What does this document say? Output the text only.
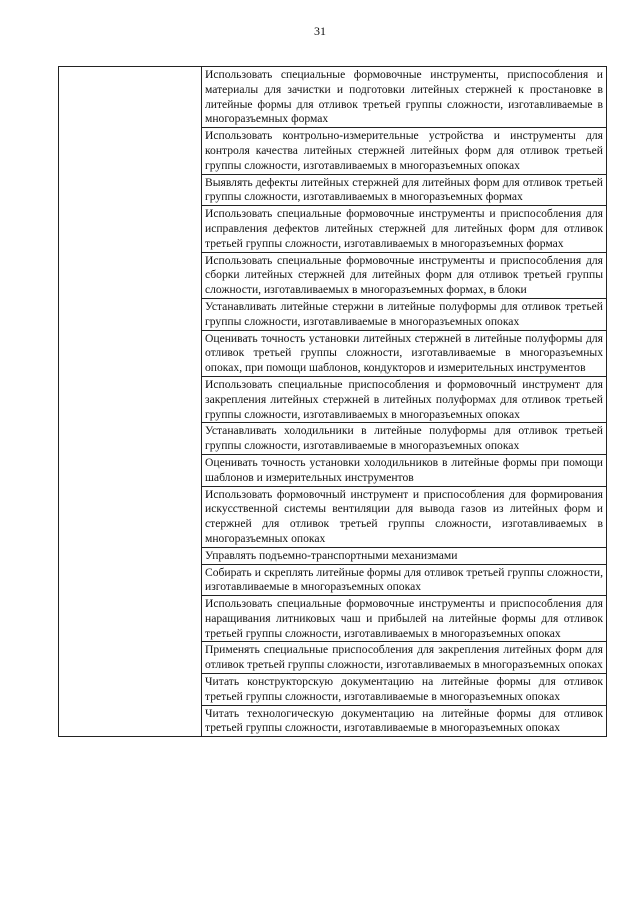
31
	Использовать специальные формовочные инструменты, приспособления и материалы для зачистки и подготовки литейных стержней к простановке в литейные формы для отливок третьей группы сложности, изготавливаемые в многоразъемных формах
Использовать контрольно-измерительные устройства и инструменты для контроля качества литейных стержней литейных форм для отливок третьей группы сложности, изготавливаемых в многоразъемных опоках
Выявлять дефекты литейных стержней для литейных форм для отливок третьей группы сложности, изготавливаемых в многоразъемных формах
Использовать специальные формовочные инструменты и приспособления для исправления дефектов литейных стержней для литейных форм для отливок третьей группы сложности, изготавливаемых в многоразъемных формах
Использовать специальные формовочные инструменты и приспособления для сборки литейных стержней для литейных форм для отливок третьей группы сложности, изготавливаемых в многоразъемных формах, в блоки
Устанавливать литейные стержни в литейные полуформы для отливок третьей группы сложности, изготавливаемые в многоразъемных опоках
Оценивать точность установки литейных стержней в литейные полуформы для отливок третьей группы сложности, изготавливаемые в многоразъемных опоках, при помощи шаблонов, кондукторов и измерительных инструментов
Использовать специальные приспособления и формовочный инструмент для закрепления литейных стержней в литейных полуформах для отливок третьей группы сложности, изготавливаемых в многоразъемных опоках
Устанавливать холодильники в литейные полуформы для отливок третьей группы сложности, изготавливаемые в многоразъемных опоках
Оценивать точность установки холодильников в литейные формы при помощи шаблонов и измерительных инструментов
Использовать формовочный инструмент и приспособления для формирования искусственной системы вентиляции для вывода газов из литейных форм и стержней для отливок третьей группы сложности, изготавливаемых в многоразъемных опоках
Управлять подъемно-транспортными механизмами
Собирать и скреплять литейные формы для отливок третьей группы сложности, изготавливаемые в многоразъемных опоках
Использовать специальные формовочные инструменты и приспособления для наращивания литниковых чаш и прибылей на литейные формы для отливок третьей группы сложности, изготавливаемых в многоразъемных опоках
Применять специальные приспособления для закрепления литейных форм для отливок третьей группы сложности, изготавливаемых в многоразъемных опоках
Читать конструкторскую документацию на литейные формы для отливок третьей группы сложности, изготавливаемые в многоразъемных опоках
Читать технологическую документацию на литейные формы для отливок третьей группы сложности, изготавливаемые в многоразъемных опоках
